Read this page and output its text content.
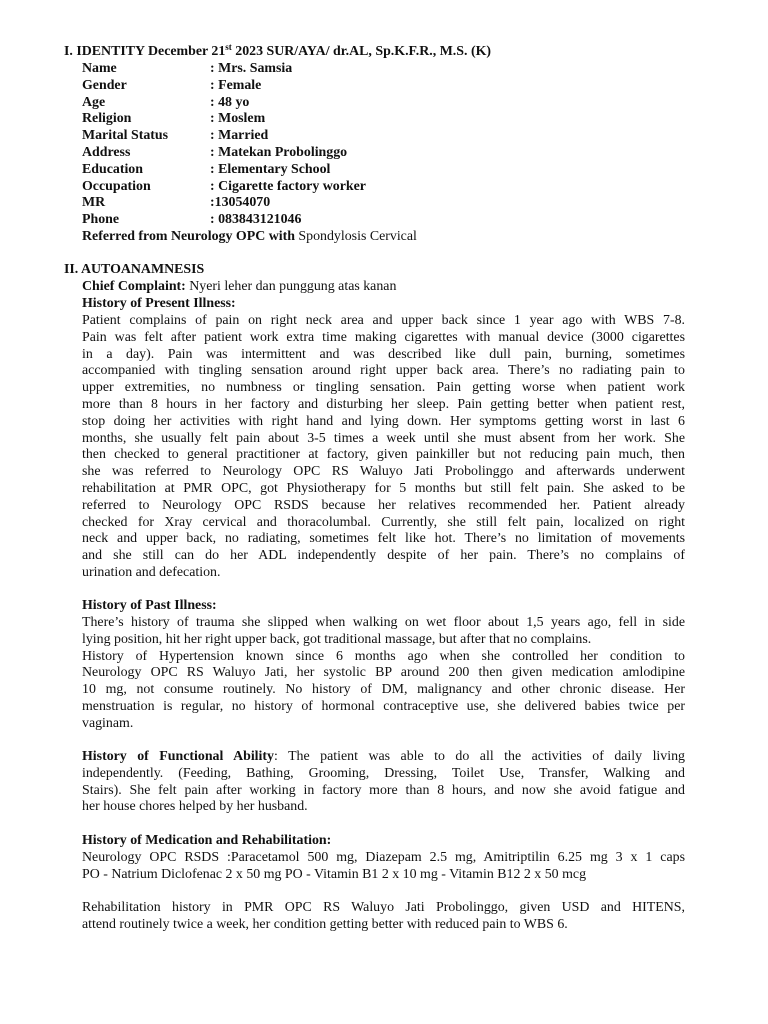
I. IDENTITY December 21st 2023 SUR/AYA/ dr.AL, Sp.K.F.R., M.S. (K)
Name	: Mrs. Samsia
Gender	: Female
Age	: 48 yo
Religion	: Moslem
Marital Status	: Married
Address	: Matekan Probolinggo
Education	: Elementary School
Occupation	: Cigarette factory worker
MR	:13054070
Phone	: 083843121046
Referred from Neurology OPC with Spondylosis Cervical
II. AUTOANAMNESIS
Chief Complaint: Nyeri leher dan punggung atas kanan
History of Present Illness:
Patient complains of pain on right neck area and upper back since 1 year ago with WBS 7-8.
Pain was felt after patient work extra time making cigarettes with manual device (3000 cigarettes
in a day). Pain was intermittent and was described like dull pain, burning, sometimes
accompanied with tingling sensation around right upper back area. There’s no radiating pain to
upper extremities, no numbness or tingling sensation. Pain getting worse when patient work
more than 8 hours in her factory and disturbing her sleep. Pain getting better when patient rest,
stop doing her activities with right hand and lying down. Her symptoms getting worst in last 6
months, she usually felt pain about 3-5 times a week until she must absent from her work. She
then checked to general practitioner at factory, given painkiller but not reducing pain much, then
she was referred to Neurology OPC RS Waluyo Jati Probolinggo and afterwards underwent
rehabilitation at PMR OPC, got Physiotherapy for 5 months but still felt pain. She asked to be
referred to Neurology OPC RSDS because her relatives recommended her. Patient already
checked for Xray cervical and thoracolumbal. Currently, she still felt pain, localized on right
neck and upper back, no radiating, sometimes felt like hot. There’s no limitation of movements
and she still can do her ADL independently despite of her pain. There’s no complains of
urination and defecation.
History of Past Illness:
There’s history of trauma she slipped when walking on wet floor about 1,5 years ago, fell in side
lying position, hit her right upper back, got traditional massage, but after that no complains.
History of Hypertension known since 6 months ago when she controlled her condition to
Neurology OPC RS Waluyo Jati, her systolic BP around 200 then given medication amlodipine
10 mg, not consume routinely. No history of DM, malignancy and other chronic disease. Her
menstruation is regular, no history of hormonal contraceptive use, she delivered babies twice per
vaginam.
History of Functional Ability: The patient was able to do all the activities of daily living
independently. (Feeding, Bathing, Grooming, Dressing, Toilet Use, Transfer, Walking and
Stairs). She felt pain after working in factory more than 8 hours, and now she avoid fatigue and
her house chores helped by her husband.
History of Medication and Rehabilitation:
Neurology OPC RSDS :Paracetamol 500 mg, Diazepam 2.5 mg, Amitriptilin 6.25 mg 3 x 1 caps
PO - Natrium Diclofenac 2 x 50 mg PO - Vitamin B1 2 x 10 mg - Vitamin B12 2 x 50 mcg
Rehabilitation history in PMR OPC RS Waluyo Jati Probolinggo, given USD and HITENS,
attend routinely twice a week, her condition getting better with reduced pain to WBS 6.
